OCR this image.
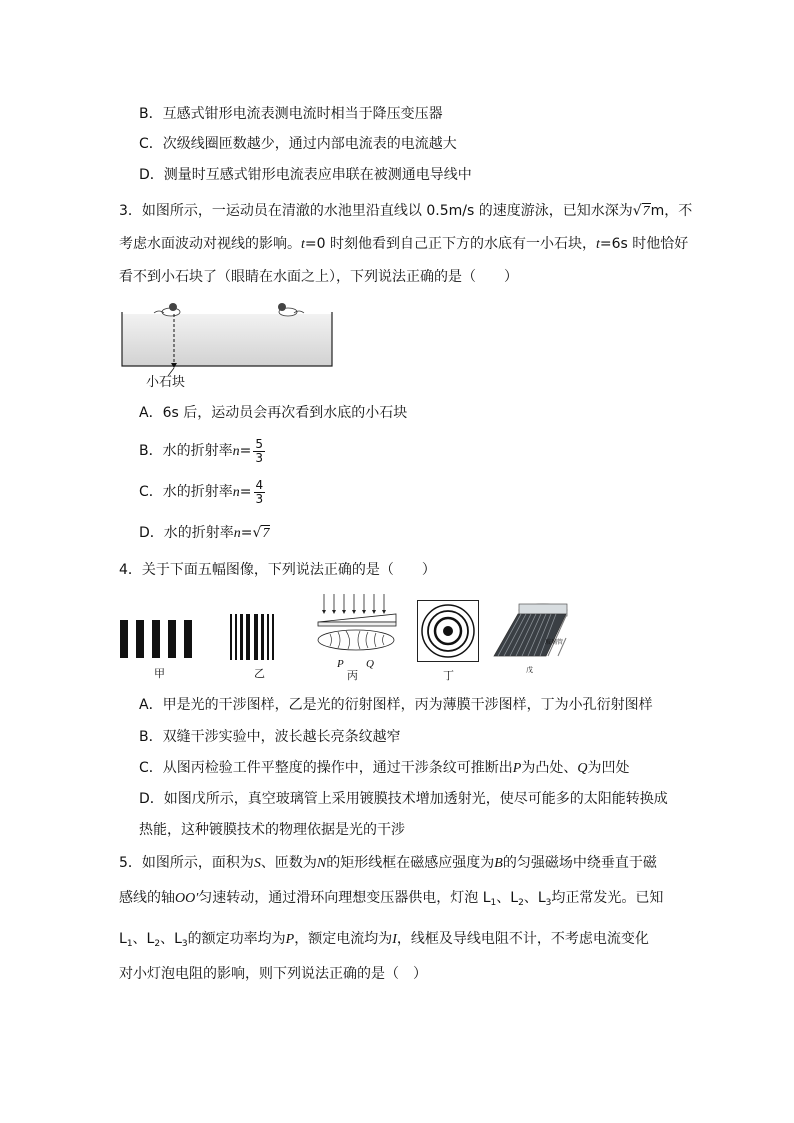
B．互感式钳形电流表测电流时相当于降压变压器
C．次级线圈匝数越少，通过内部电流表的电流越大
D．测量时互感式钳形电流表应串联在被测通电导线中
3．如图所示，一运动员在清澈的水池里沿直线以 0.5m/s 的速度游泳，已知水深为√7m，不
考虑水面波动对视线的影响。t=0 时刻他看到自己正下方的水底有一小石块，t=6s 时他恰好
看不到小石块了（眼睛在水面之上），下列说法正确的是（　　）
小石块
A．6s 后，运动员会再次看到水底的小石块
B．水的折射率$n= \frac{5}{3}$
C．水的折射率$n= \frac{4}{3}$
D．水的折射率n=√7
4．关于下面五幅图像，下列说法正确的是（　　）
甲	乙
P Q
丙	丁
玻璃管
戊
A．甲是光的干涉图样，乙是光的衍射图样，丙为薄膜干涉图样，丁为小孔衍射图样
B．双缝干涉实验中，波长越长亮条纹越窄
C．从图丙检验工件平整度的操作中，通过干涉条纹可推断出P为凸处、Q为凹处
D．如图戊所示，真空玻璃管上采用镀膜技术增加透射光，使尽可能多的太阳能转换成
热能，这种镀膜技术的物理依据是光的干涉
5．如图所示，面积为S、匝数为N的矩形线框在磁感应强度为B的匀强磁场中绕垂直于磁
感线的轴OO′匀速转动，通过滑环向理想变压器供电，灯泡 $L_1$、$L_2$、$L_3$均正常发光。已知
$L_1$、$L_2$、$L_3$的额定功率均为P，额定电流均为I，线框及导线电阻不计，不考虑电流变化
对小灯泡电阻的影响，则下列说法正确的是（　）
